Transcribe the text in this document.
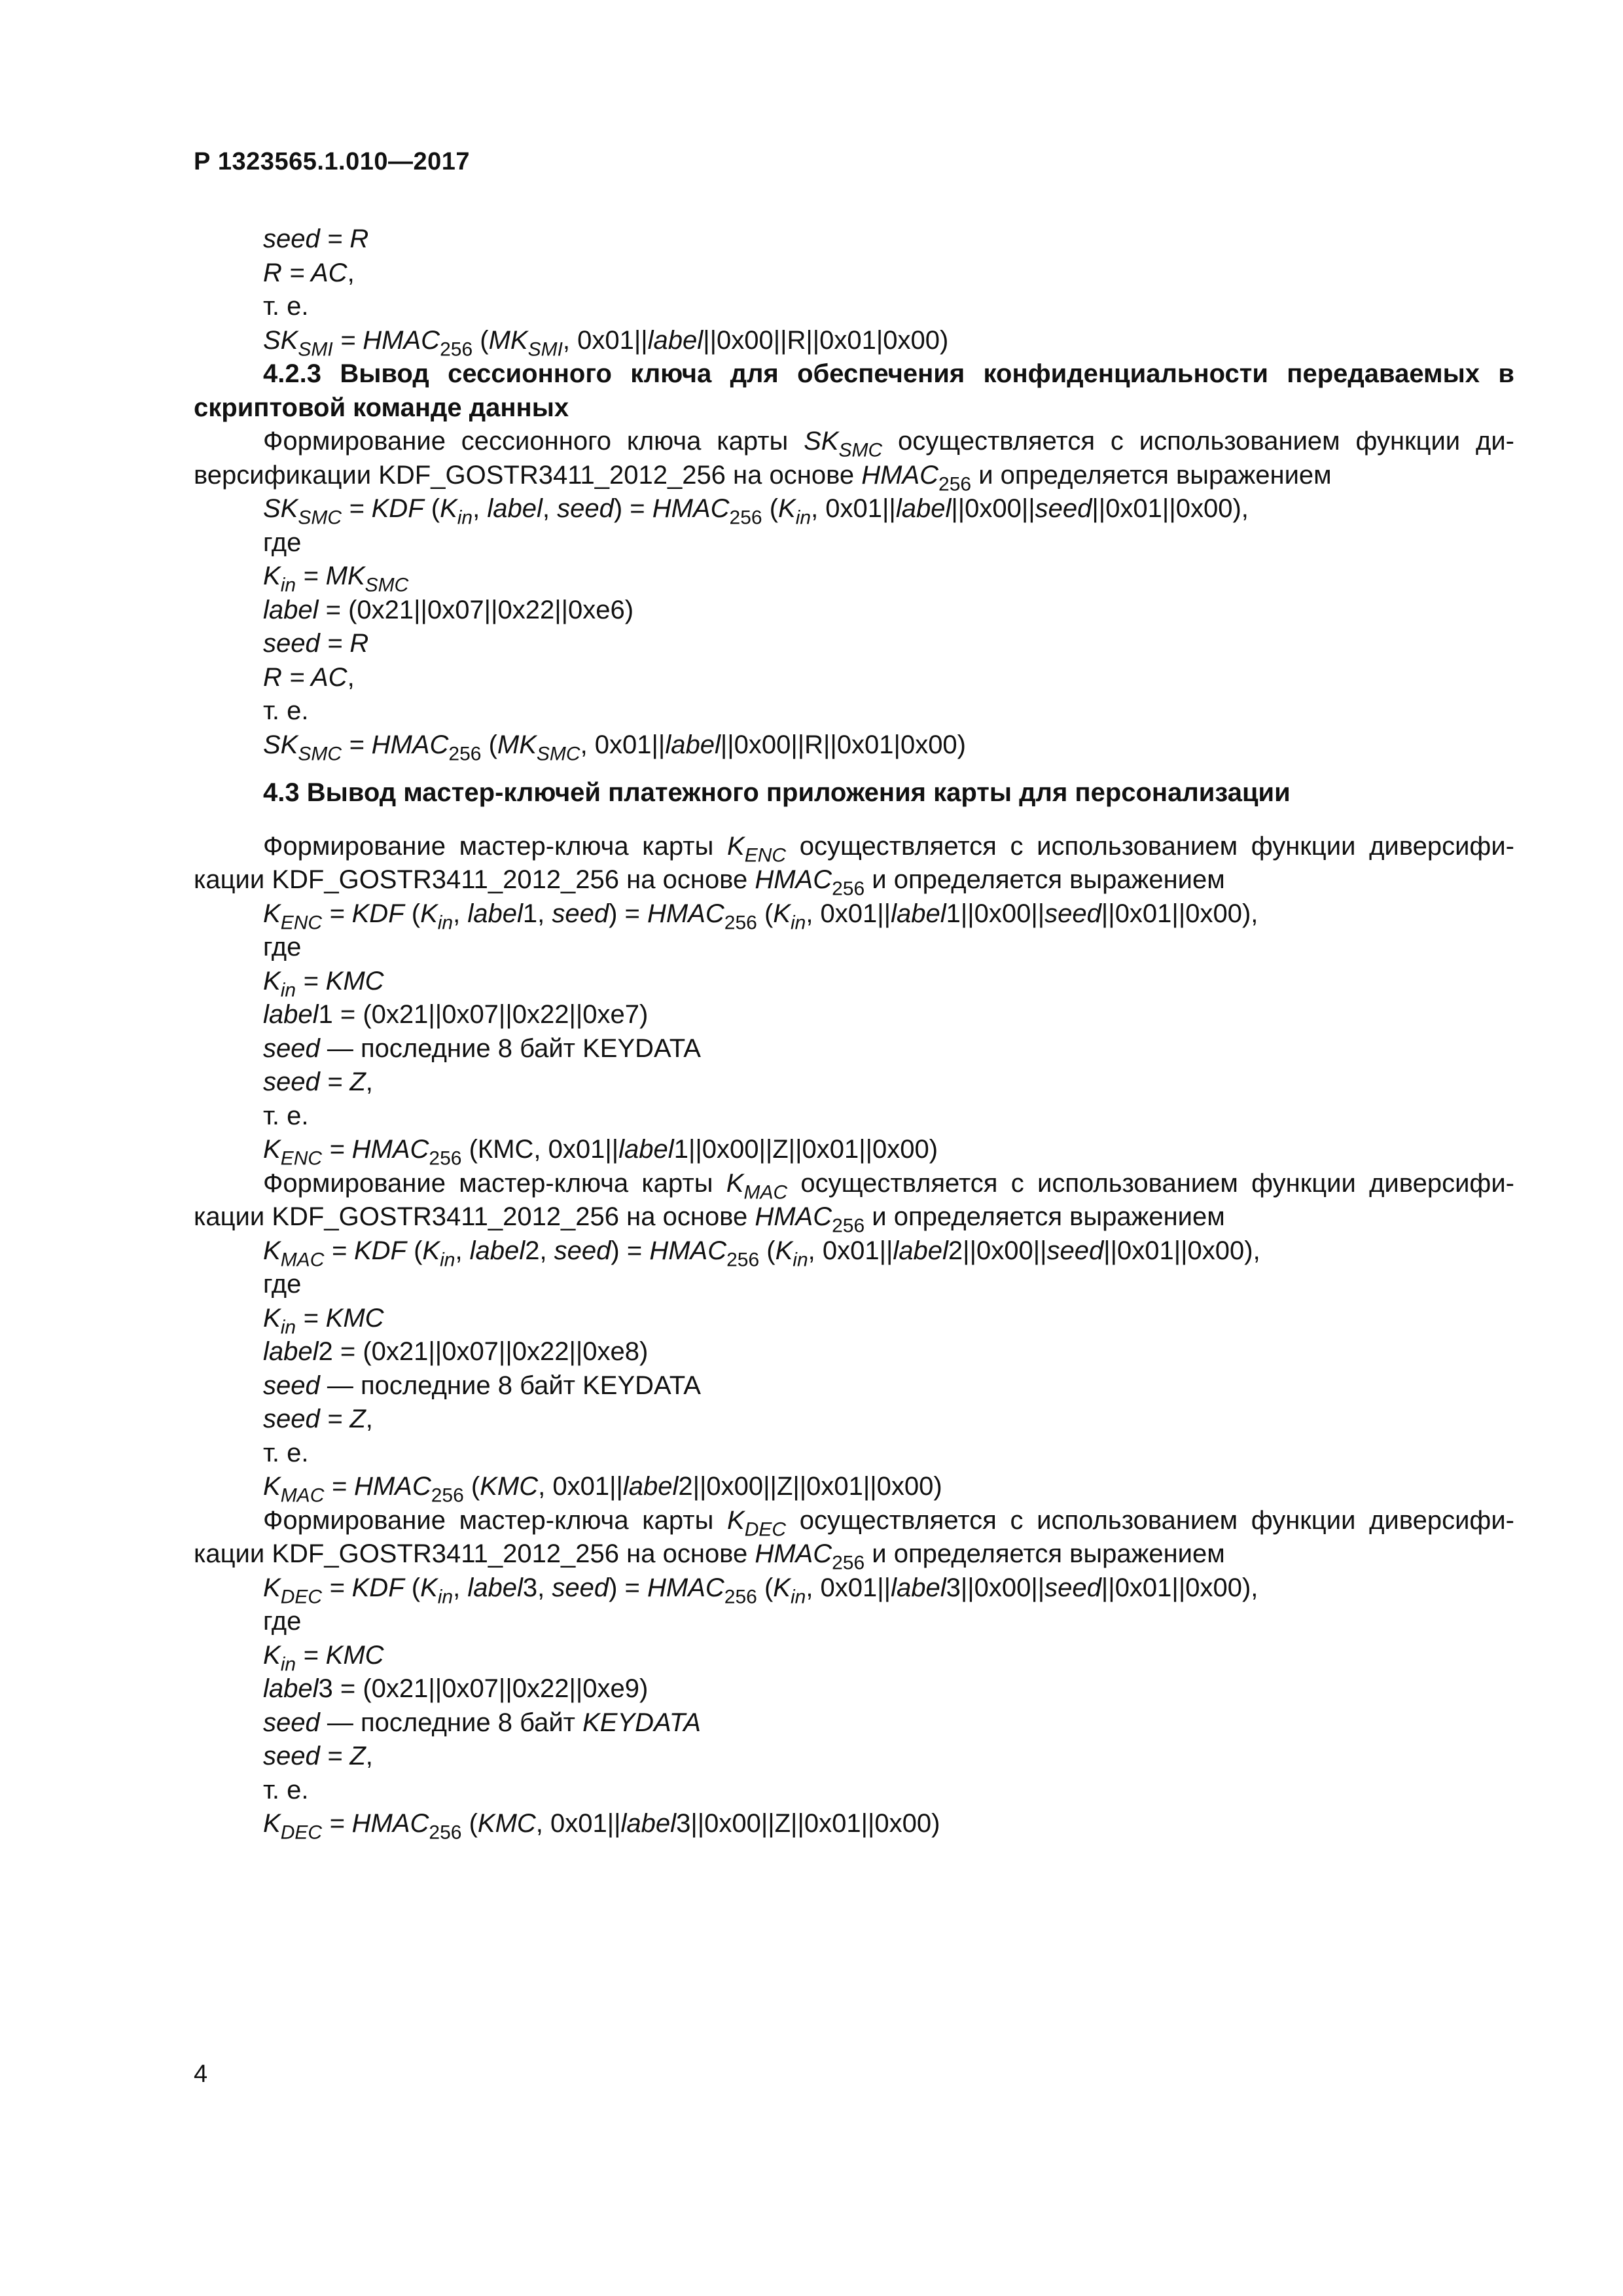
Р 1323565.1.010—2017
seed = R
R = AC,
т. е.
$SK_{SMI}$ = $HMAC_{256}$ ($MK_{SMI}$, 0x01||label||0x00||R||0x01|0x00)
4.2.3 Вывод сессионного ключа для обеспечения конфиденциальности передаваемых в скриптовой команде данных
Формирование сессионного ключа карты $SK_{SMC}$ осуществляется с использованием функции диверсификации KDF_GOSTR3411_2012_256 на основе $HMAC_{256}$ и определяется выражением
$SK_{SMC}$ = KDF ($K_{in}$, label, seed) = $HMAC_{256}$ ($K_{in}$, 0x01||label||0x00||seed||0x01||0x00),
где
$K_{in} = MK_{SMC}$
label = (0x21||0x07||0x22||0xe6)
seed = R
R = AC,
т. е.
$SK_{SMC}$ = $HMAC_{256}$ ($MK_{SMC}$, 0x01||label||0x00||R||0x01|0x00)
4.3 Вывод мастер-ключей платежного приложения карты для персонализации
Формирование мастер-ключа карты $K_{ENC}$ осуществляется с использованием функции диверсификации KDF_GOSTR3411_2012_256 на основе $HMAC_{256}$ и определяется выражением
$K_{ENC}$ = KDF ($K_{in}$, label1, seed) = $HMAC_{256}$ ($K_{in}$, 0x01||label1||0x00||seed||0x01||0x00),
где
$K_{in}$ = KMC
label1 = (0x21||0x07||0x22||0xe7)
seed — последние 8 байт KEYDATA
seed = Z,
т. е.
$K_{ENC}$ = $HMAC_{256}$ (КМС, 0x01||label1||0x00||Z||0x01||0x00)
Формирование мастер-ключа карты $K_{MAC}$ осуществляется с использованием функции диверсификации KDF_GOSTR3411_2012_256 на основе $HMAC_{256}$ и определяется выражением
$K_{MAC}$ = KDF ($K_{in}$, label2, seed) = $HMAC_{256}$ ($K_{in}$, 0x01||label2||0x00||seed||0x01||0x00),
где
$K_{in}$ = KMC
label2 = (0x21||0x07||0x22||0xe8)
seed — последние 8 байт KEYDATA
seed = Z,
т. е.
$K_{MAC}$ = $HMAC_{256}$ (KMC, 0x01||label2||0x00||Z||0x01||0x00)
Формирование мастер-ключа карты $K_{DEC}$ осуществляется с использованием функции диверсификации KDF_GOSTR3411_2012_256 на основе $HMAC_{256}$ и определяется выражением
$K_{DEC}$ = KDF ($K_{in}$, label3, seed) = $HMAC_{256}$ ($K_{in}$, 0x01||label3||0x00||seed||0x01||0x00),
где
$K_{in}$ = KMC
label3 = (0x21||0x07||0x22||0xe9)
seed — последние 8 байт KEYDATA
seed = Z,
т. е.
$K_{DEC}$ = $HMAC_{256}$ (KMC, 0x01||label3||0x00||Z||0x01||0x00)
4
